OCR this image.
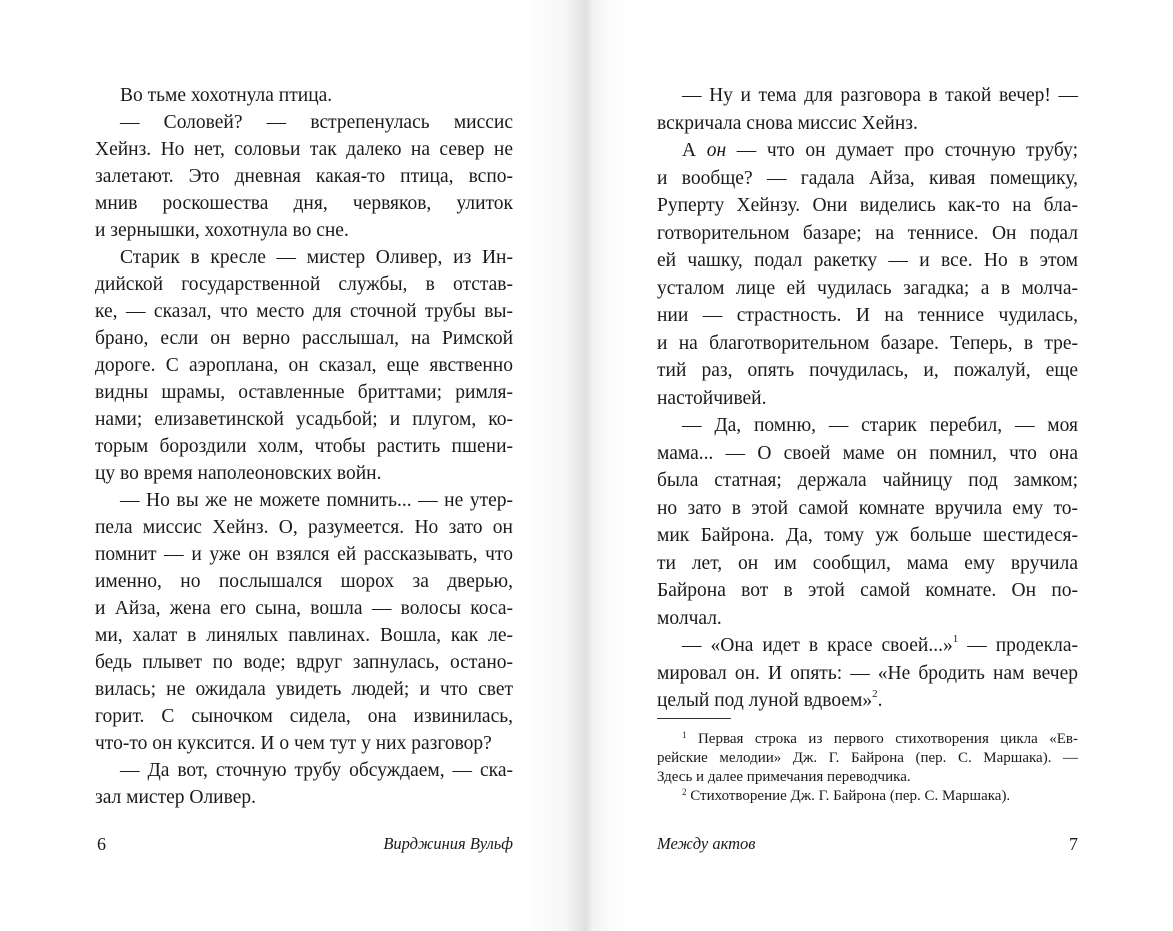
Во тьме хохотнула птица.
— Соловей? — встрепенулась миссис
Хейнз. Но нет, соловьи так далеко на север не
залетают. Это дневная какая-то птица, вспо-
мнив роскошества дня, червяков, улиток
и зернышки, хохотнула во сне.
Старик в кресле — мистер Оливер, из Ин-
дийской государственной службы, в отстав-
ке, — сказал, что место для сточной трубы вы-
брано, если он верно расслышал, на Римской
дороге. С аэроплана, он сказал, еще явственно
видны шрамы, оставленные бриттами; римля-
нами; елизаветинской усадьбой; и плугом, ко-
торым бороздили холм, чтобы растить пшени-
цу во время наполеоновских войн.
— Но вы же не можете помнить... — не утер-
пела миссис Хейнз. О, разумеется. Но зато он
помнит — и уже он взялся ей рассказывать, что
именно, но послышался шорох за дверью,
и Айза, жена его сына, вошла — волосы коса-
ми, халат в линялых павлинах. Вошла, как ле-
бедь плывет по воде; вдруг запнулась, остано-
вилась; не ожидала увидеть людей; и что свет
горит. С сыночком сидела, она извинилась,
что-то он куксится. И о чем тут у них разговор?
— Да вот, сточную трубу обсуждаем, — ска-
зал мистер Оливер.
— Ну и тема для разговора в такой вечер! —
вскричала снова миссис Хейнз.
А он — что он думает про сточную трубу;
и вообще? — гадала Айза, кивая помещику,
Руперту Хейнзу. Они виделись как-то на бла-
готворительном базаре; на теннисе. Он подал
ей чашку, подал ракетку — и все. Но в этом
усталом лице ей чудилась загадка; а в молча-
нии — страстность. И на теннисе чудилась,
и на благотворительном базаре. Теперь, в тре-
тий раз, опять почудилась, и, пожалуй, еще
настойчивей.
— Да, помню, — старик перебил, — моя
мама... — О своей маме он помнил, что она
была статная; держала чайницу под замком;
но зато в этой самой комнате вручила ему то-
мик Байрона. Да, тому уж больше шестидеся-
ти лет, он им сообщил, мама ему вручила
Байрона вот в этой самой комнате. Он по-
молчал.
— «Она идет в красе своей...»$^1$ — продекла-
мировал он. И опять: — «Не бродить нам вечер
целый под луной вдвоем»$^2$.
$^1$ Первая строка из первого стихотворения цикла «Ев-
рейские мелодии» Дж. Г. Байрона (пер. С. Маршака). —
Здесь и далее примечания переводчика.
$^2$ Стихотворение Дж. Г. Байрона (пер. С. Маршака).
6	Вирджиния Вульф	Между актов	7
